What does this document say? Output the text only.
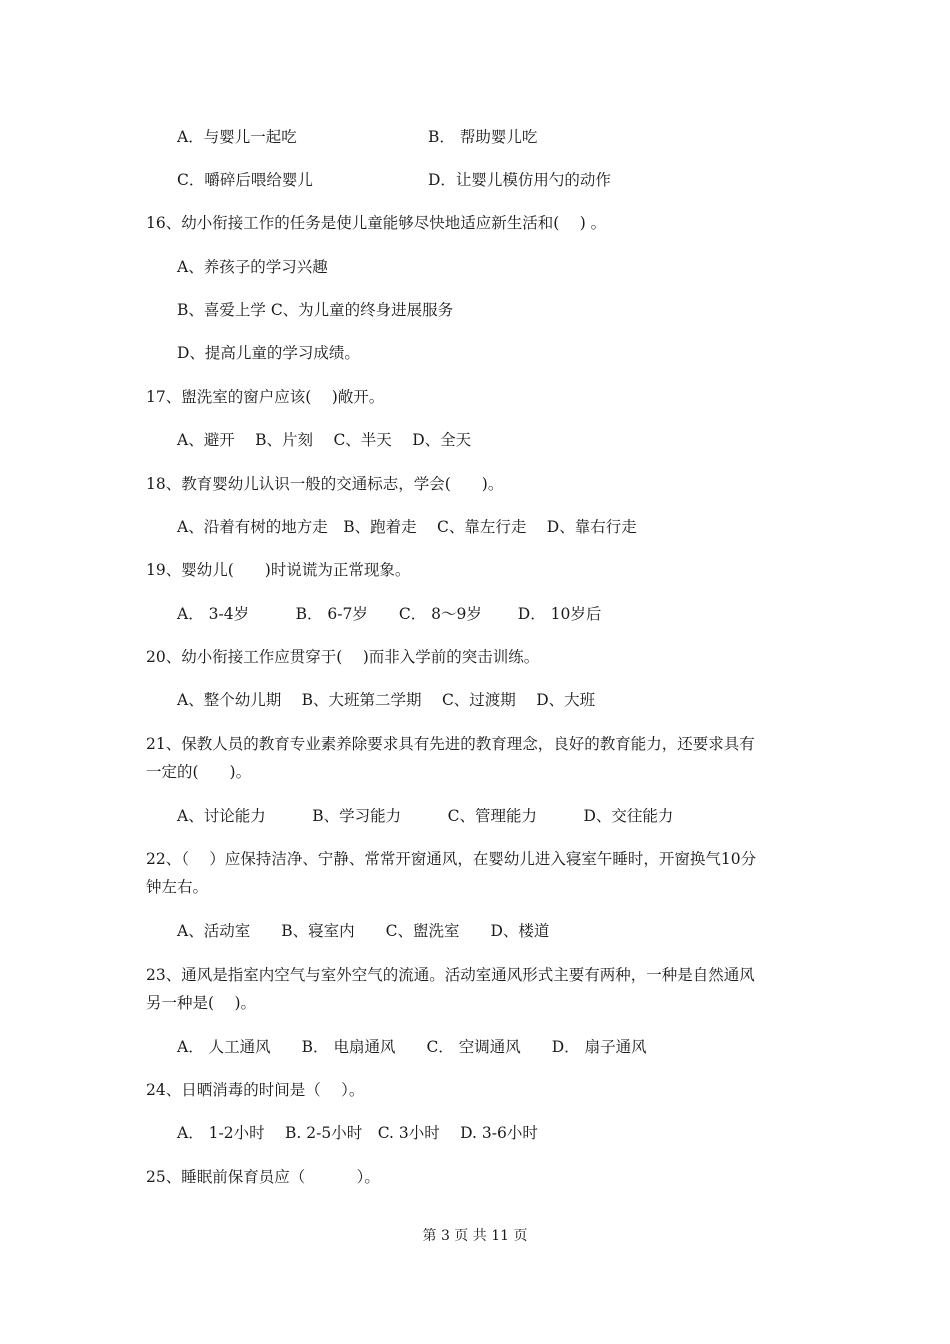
A．与婴儿一起吃	B． 帮助婴儿吃

C．嚼碎后喂给婴儿	D．让婴儿模仿用勺的动作

16、幼小衔接工作的任务是使儿童能够尽快地适应新生活和(　 ) 。

A、养孩子的学习兴趣

B、喜爱上学 C、为儿童的终身进展服务

D、提高儿童的学习成绩。

17、盥洗室的窗户应该(　 )敞开。

A、避开　 B、片刻　 C、半天　 D、全天

18、教育婴幼儿认识一般的交通标志，学会(　　)。

A、沿着有树的地方走　B、跑着走　 C、靠左行走　 D、靠右行走

19、婴幼儿(　　)时说谎为正常现象。

A． 3-4岁　　　B． 6-7岁　　C． 8～9岁　　 D． 10岁后

20、幼小衔接工作应贯穿于(　 )而非入学前的突击训练。

A、整个幼儿期　 B、大班第二学期　 C、过渡期　 D、大班

21、保教人员的教育专业素养除要求具有先进的教育理念，良好的教育能力，还要求具有

一定的(　　)。

A、讨论能力　　　B、学习能力　　　C、管理能力　　　D、交往能力

22、（　 ）应保持洁净、宁静、常常开窗通风，在婴幼儿进入寝室午睡时，开窗换气10分

钟左右。

A、活动室　　B、寝室内　　C、盥洗室　　D、楼道

23、通风是指室内空气与室外空气的流通。活动室通风形式主要有两种，一种是自然通风

另一种是(　 )。

A． 人工通风　　B． 电扇通风　　C． 空调通风　　D． 扇子通风

24、日晒消毒的时间是（　 ）。

A． 1-2小时　 B. 2-5小时　C. 3小时　 D. 3-6小时

25、睡眠前保育员应（　　　 ）。

第 3 页 共 11 页
